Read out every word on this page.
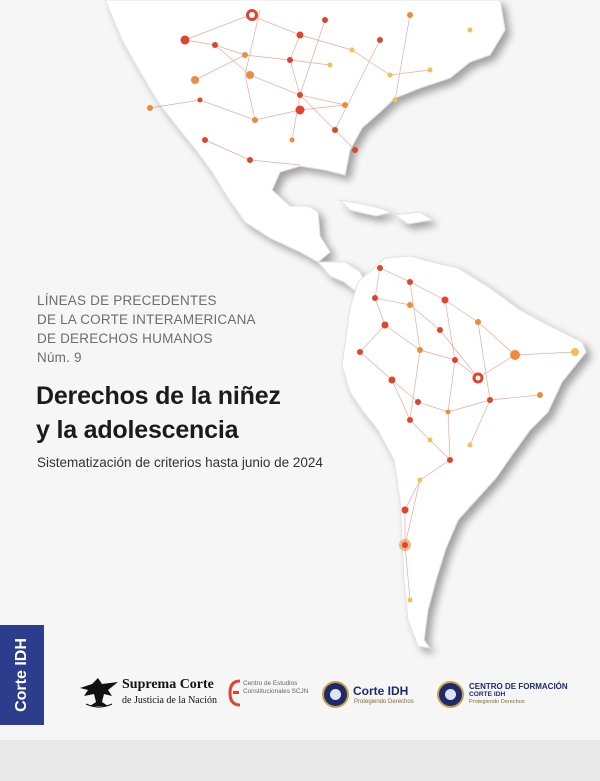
LÍNEAS DE PRECEDENTES
DE LA CORTE INTERAMERICANA
DE DERECHOS HUMANOS
Núm. 9
Derechos de la niñez
y la adolescencia
Sistematización de criterios hasta junio de 2024
Corte IDH	Suprema Corte
de Justicia de la Nación
Centro de Estudios Constitucionales SCJN	Corte IDH
Protegiendo Derechos
CENTRO DE FORMACIÓN
CORTE IDH
Protegiendo Derechos
